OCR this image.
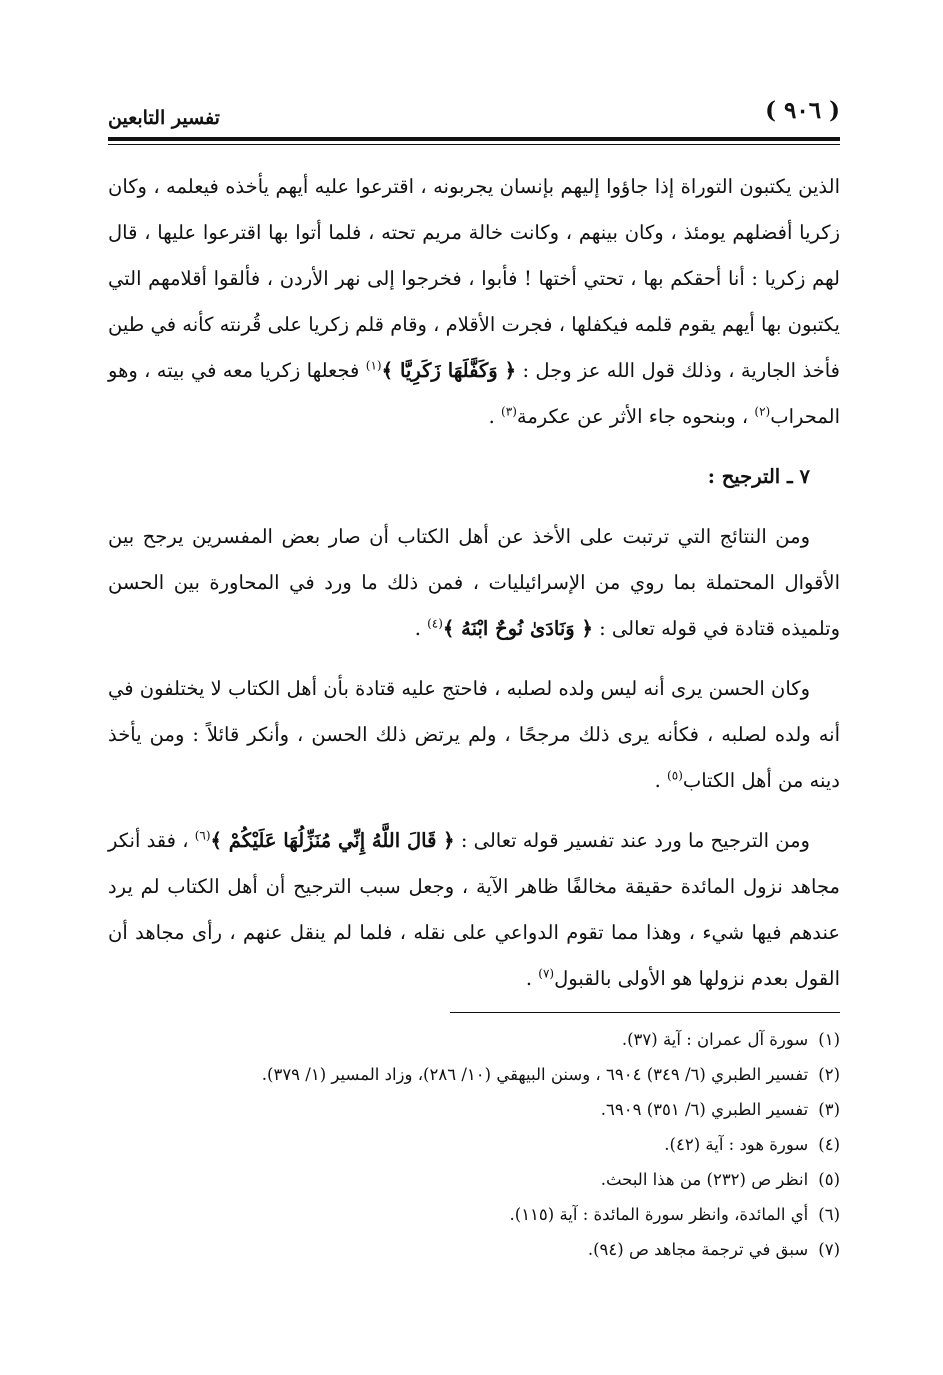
( ٩٠٦ )
تفسير التابعين

الذين يكتبون التوراة إذا جاؤوا إليهم بإنسان يجربونه ، اقترعوا عليه أيهم يأخذه فيعلمه ، وكان زكريا أفضلهم يومئذ ، وكان بينهم ، وكانت خالة مريم تحته ، فلما أتوا بها اقترعوا عليها ، قال لهم زكريا : أنا أحقكم بها ، تحتي أختها ! فأبوا ، فخرجوا إلى نهر الأردن ، فألقوا أقلامهم التي يكتبون بها أيهم يقوم قلمه فيكفلها ، فجرت الأقلام ، وقام قلم زكريا على قُرنته كأنه في طين فأخذ الجارية ، وذلك قول الله عز وجل : ﴿ وَكَفَّلَهَا زَكَرِيَّا ﴾$^{(١)}$ فجعلها زكريا معه في بيته ، وهو المحراب$^{(٢)}$ ، وبنحوه جاء الأثر عن عكرمة$^{(٣)}$ .

٧ ـ الترجيح :

ومن النتائج التي ترتبت على الأخذ عن أهل الكتاب أن صار بعض المفسرين يرجح بين الأقوال المحتملة بما روي من الإسرائيليات ، فمن ذلك ما ورد في المحاورة بين الحسن وتلميذه قتادة في قوله تعالى : ﴿ وَنَادَىٰ نُوحٌ ابْنَهُ ﴾$^{(٤)}$ .

وكان الحسن يرى أنه ليس ولده لصلبه ، فاحتج عليه قتادة بأن أهل الكتاب لا يختلفون في أنه ولده لصلبه ، فكأنه يرى ذلك مرجحًا ، ولم يرتض ذلك الحسن ، وأنكر قائلاً : ومن يأخذ دينه من أهل الكتاب$^{(٥)}$ .

ومن الترجيح ما ورد عند تفسير قوله تعالى : ﴿ قَالَ اللَّهُ إِنِّي مُنَزِّلُهَا عَلَيْكُمْ ﴾$^{(٦)}$ ، فقد أنكر مجاهد نزول المائدة حقيقة مخالفًا ظاهر الآية ، وجعل سبب الترجيح أن أهل الكتاب لم يرد عندهم فيها شيء ، وهذا مما تقوم الدواعي على نقله ، فلما لم ينقل عنهم ، رأى مجاهد أن القول بعدم نزولها هو الأولى بالقبول$^{(٧)}$ .

(١)سورة آل عمران : آية (٣٧).
(٢)تفسير الطبري (٦/ ٣٤٩) ٦٩٠٤ ، وسنن البيهقي (١٠/ ٢٨٦)، وزاد المسير (١/ ٣٧٩).
(٣)تفسير الطبري (٦/ ٣٥١) ٦٩٠٩.
(٤)سورة هود : آية (٤٢).
(٥)انظر ص (٢٣٢) من هذا البحث.
(٦)أي المائدة، وانظر سورة المائدة : آية (١١٥).
(٧)سبق في ترجمة مجاهد ص (٩٤).
